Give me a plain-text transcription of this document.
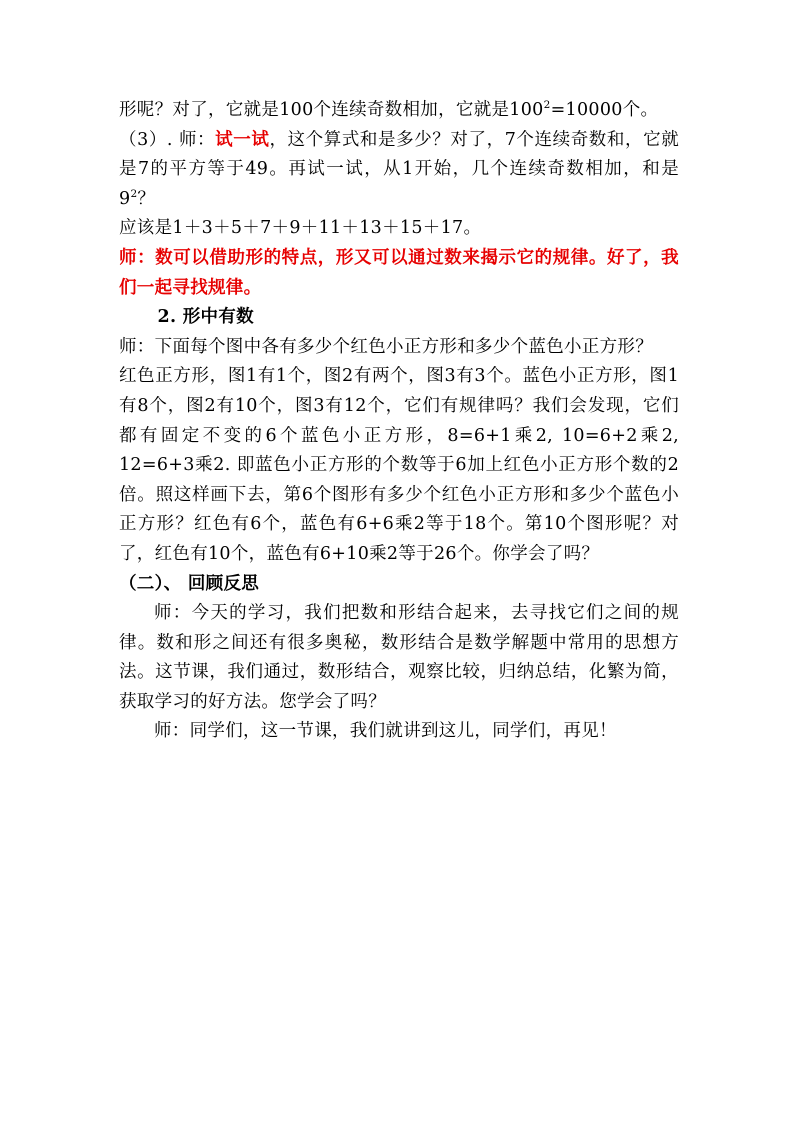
形呢？对了，它就是100个连续奇数相加，它就是$100^2=10000$个。

（3）. 师：试一试，这个算式和是多少？对了，7个连续奇数和，它就是7的平方等于49。再试一试，从1开始，几个连续奇数相加，和是$9^2$？

应该是1＋3＋5＋7＋9＋11＋13＋15＋17。

师：数可以借助形的特点，形又可以通过数来揭示它的规律。好了，我们一起寻找规律。

2. 形中有数

师：下面每个图中各有多少个红色小正方形和多少个蓝色小正方形？

红色正方形，图1有1个，图2有两个，图3有3个。蓝色小正方形，图1有8个，图2有10个，图3有12个，它们有规律吗？我们会发现，它们都有固定不变的6个蓝色小正方形，8=6+1乘2, 10=6+2乘2, 12=6+3乘2. 即蓝色小正方形的个数等于6加上红色小正方形个数的2倍。照这样画下去，第6个图形有多少个红色小正方形和多少个蓝色小正方形？红色有6个，蓝色有6+6乘2等于18个。第10个图形呢？对了，红色有10个，蓝色有6+10乘2等于26个。你学会了吗？

（二）、 回顾反思

师：今天的学习，我们把数和形结合起来，去寻找它们之间的规律。数和形之间还有很多奥秘，数形结合是数学解题中常用的思想方法。这节课，我们通过，数形结合，观察比较，归纳总结，化繁为简，获取学习的好方法。您学会了吗？

师：同学们，这一节课，我们就讲到这儿，同学们，再见！
